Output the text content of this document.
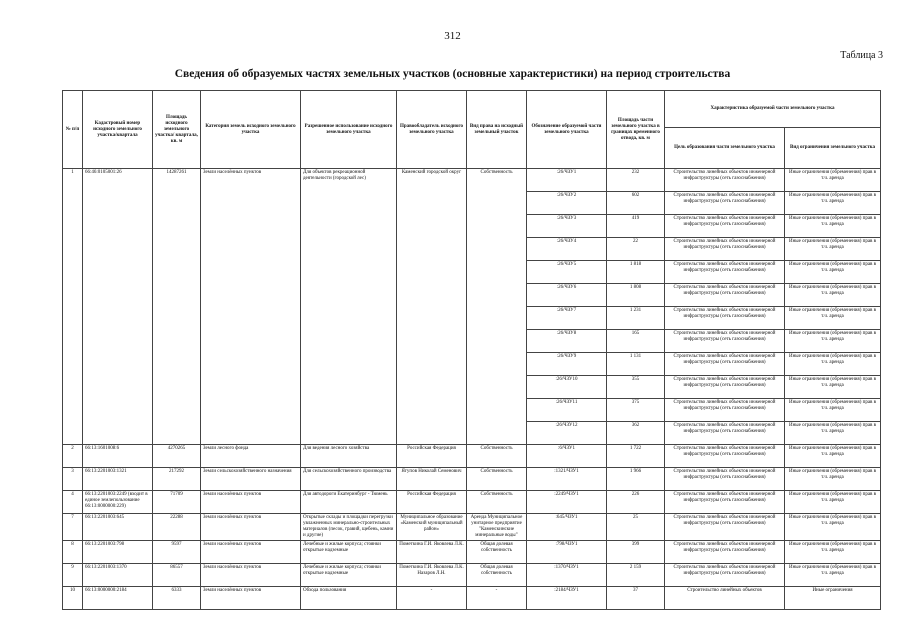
312
Таблица 3
Сведения об образуемых частях земельных участков (основные характеристики) на период строительства
№ п/п	Кадастровый номер исходного земельного участка/квартала	Площадь исходного земельного участка/ квартала, кв. м	Категория земель исходного земельного участка	Разрешенное использование исходного земельного участка	Правообладатель исходного земельного участка	Вид права на исходный земельный участок	Обозначение образуемой части земельного участка	Площадь части земельного участка в границах временного отвода, кв. м	Характеристика образуемой части земельного участка	
									Цель образования части земельного участка	Вид ограничения земельного участка
1	66:46:0105001:26	14287261	Земли населённых пунктов	Для объектов рекреационной деятельности (городской лес)	Каменский городской округ	Собственность	:26/ЧЗУ1	232	Строительство линейных объектов инженерной инфраструктуры (сеть газоснабжения)	Иные ограничения (обременения) прав в т.ч. аренда
							:26/ЧЗУ2	602	Строительство линейных объектов инженерной инфраструктуры (сеть газоснабжения)	Иные ограничения (обременения) прав в т.ч. аренда
							:26/ЧЗУ3	419	Строительство линейных объектов инженерной инфраструктуры (сеть газоснабжения)	Иные ограничения (обременения) прав в т.ч. аренда
							:26/ЧЗУ4	22	Строительство линейных объектов инженерной инфраструктуры (сеть газоснабжения)	Иные ограничения (обременения) прав в т.ч. аренда
							:26/ЧЗУ5	1 818	Строительство линейных объектов инженерной инфраструктуры (сеть газоснабжения)	Иные ограничения (обременения) прав в т.ч. аренда
							:26/ЧЗУ6	1 808	Строительство линейных объектов инженерной инфраструктуры (сеть газоснабжения)	Иные ограничения (обременения) прав в т.ч. аренда
							:26/ЧЗУ7	1 231	Строительство линейных объектов инженерной инфраструктуры (сеть газоснабжения)	Иные ограничения (обременения) прав в т.ч. аренда
							:26/ЧЗУ8	165	Строительство линейных объектов инженерной инфраструктуры (сеть газоснабжения)	Иные ограничения (обременения) прав в т.ч. аренда
							:26/ЧЗУ9	1 131	Строительство линейных объектов инженерной инфраструктуры (сеть газоснабжения)	Иные ограничения (обременения) прав в т.ч. аренда
							:26/ЧЗУ10	355	Строительство линейных объектов инженерной инфраструктуры (сеть газоснабжения)	Иные ограничения (обременения) прав в т.ч. аренда
							:26/ЧЗУ11	375	Строительство линейных объектов инженерной инфраструктуры (сеть газоснабжения)	Иные ограничения (обременения) прав в т.ч. аренда
							:26/ЧЗУ12	362	Строительство линейных объектов инженерной инфраструктуры (сеть газоснабжения)	Иные ограничения (обременения) прав в т.ч. аренда
2	66:13:1601008:6	4270265	Земли лесного фонда	Для ведения лесного хозяйства	Российская Федерация	Собственность	:6/ЧЗУ1	1 722	Строительство линейных объектов инженерной инфраструктуры (сеть газоснабжения)	Иные ограничения (обременения) прав в т.ч. аренда
3	66:13:2201003:1321	217292	Земли сельскохозяйственного назначения	Для сельскохозяйственного производства	Ягупов Николай Семенович	Собственность	:1321/ЧЗУ1	1 966	Строительство линейных объектов инженерной инфраструктуры (сеть газоснабжения)	Иные ограничения (обременения) прав в т.ч. аренда
4	66:13:2201003:2249 (входит в единое землепользование 66:13:0000000:229)	71709	Земли населённых пунктов	Для автодороги Екатеринбург - Тюмень	Российская Федерация	Собственность	:2249/ЧЗУ1	226	Строительство линейных объектов инженерной инфраструктуры (сеть газоснабжения)	Иные ограничения (обременения) прав в т.ч. аренда
7	66:13:2201003:645	22288	Земли населённых пунктов	Открытые склады и площадки перегрузки увлажненных минерально-строительных материалов (песок, гравий, щебень, камни и другие)	Муниципальное образование «Каменский муниципальный район»	Аренда Муниципальное унитарное предприятие "Каменскинские минеральные воды"	:645/ЧЗУ1	25	Строительство линейных объектов инженерной инфраструктуры (сеть газоснабжения)	Иные ограничения (обременения) прав в т.ч. аренда
8	66:13:2201003:798	9597	Земли населённых пунктов	Лечебные и жилые корпуса; стоянки открытые надземные	Пометкина Г.И. Яковлева Л.К.	Общая долевая собственность	:798/ЧЗУ1	399	Строительство линейных объектов инженерной инфраструктуры (сеть газоснабжения)	Иные ограничения (обременения) прав в т.ч. аренда
9	66:13:2201003:1370	86557	Земли населённых пунктов	Лечебные и жилые корпуса; стоянки открытые надземные	Пометкина Г.И. Яковлева Л.К. Назаров Л.Н.	Общая долевая собственность	:1370/ЧЗУ1	2 159	Строительство линейных объектов инженерной инфраструктуры (сеть газоснабжения)	Иные ограничения (обременения) прав в т.ч. аренда
10	66:13:0000000:2184	6333	Земли населённых пунктов	Обхода пользования	-	-	:2184/ЧЗУ1	37	Строительство линейных объектов	Иные ограничения
